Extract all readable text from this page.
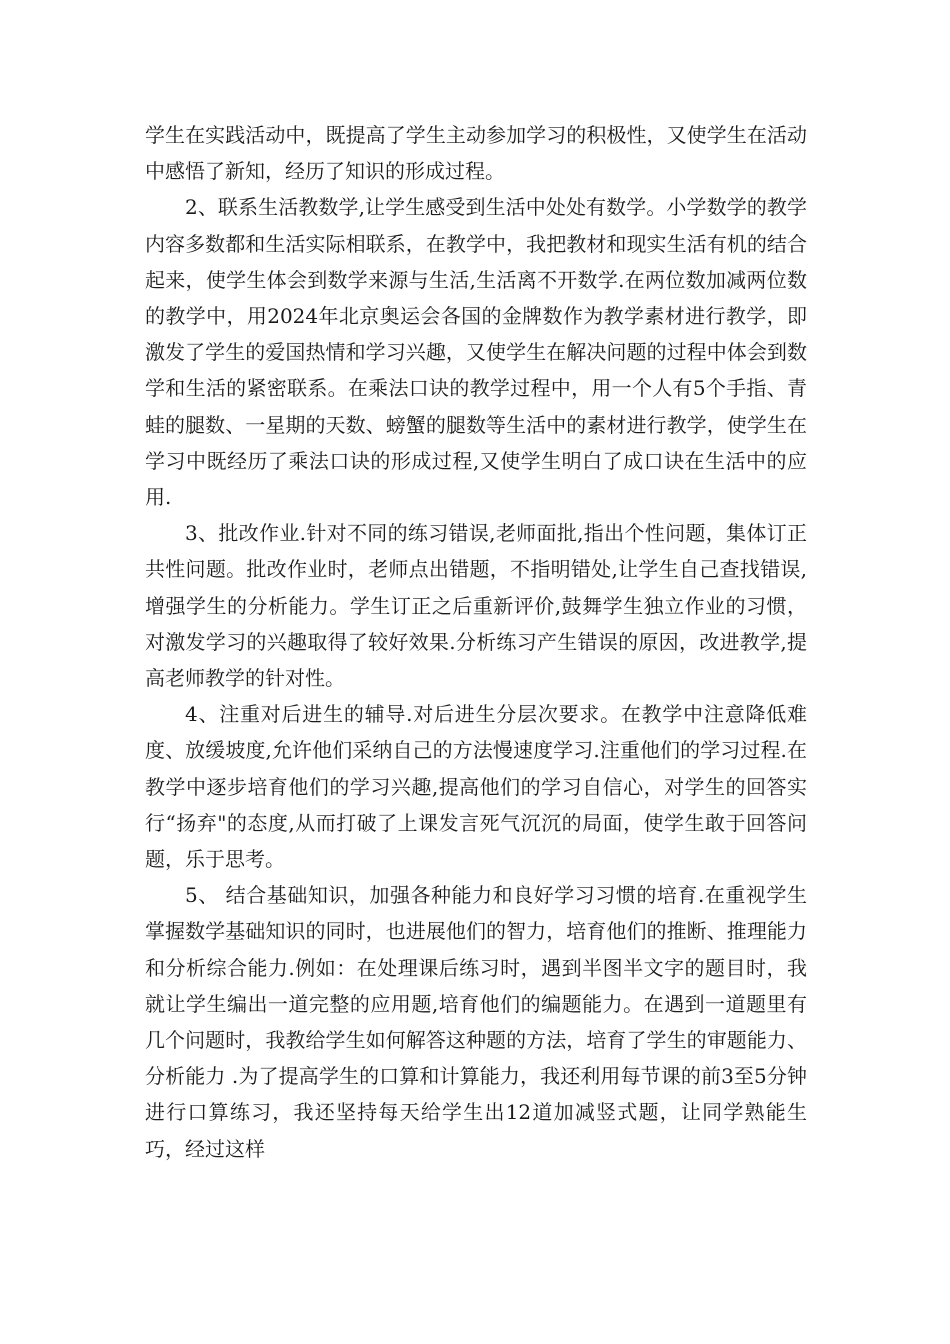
学生在实践活动中，既提高了学生主动参加学习的积极性，又使学生在活动中感悟了新知，经历了知识的形成过程。

2、联系生活教数学,让学生感受到生活中处处有数学。小学数学的教学内容多数都和生活实际相联系，在教学中，我把教材和现实生活有机的结合起来，使学生体会到数学来源与生活,生活离不开数学.在两位数加减两位数的教学中，用2024年北京奥运会各国的金牌数作为教学素材进行教学，即激发了学生的爱国热情和学习兴趣，又使学生在解决问题的过程中体会到数学和生活的紧密联系。在乘法口诀的教学过程中，用一个人有5个手指、青蛙的腿数、一星期的天数、螃蟹的腿数等生活中的素材进行教学，使学生在学习中既经历了乘法口诀的形成过程,又使学生明白了成口诀在生活中的应用.

3、批改作业.针对不同的练习错误,老师面批,指出个性问题，集体订正共性问题。批改作业时，老师点出错题，不指明错处,让学生自己查找错误,增强学生的分析能力。学生订正之后重新评价,鼓舞学生独立作业的习惯，对激发学习的兴趣取得了较好效果.分析练习产生错误的原因，改进教学,提高老师教学的针对性。

4、注重对后进生的辅导.对后进生分层次要求。在教学中注意降低难度、放缓坡度,允许他们采纳自己的方法慢速度学习.注重他们的学习过程.在教学中逐步培育他们的学习兴趣,提高他们的学习自信心，对学生的回答实行“扬弃"的态度,从而打破了上课发言死气沉沉的局面，使学生敢于回答问题，乐于思考。

5、 结合基础知识，加强各种能力和良好学习习惯的培育.在重视学生掌握数学基础知识的同时，也进展他们的智力，培育他们的推断、推理能力和分析综合能力.例如：在处理课后练习时，遇到半图半文字的题目时，我就让学生编出一道完整的应用题,培育他们的编题能力。在遇到一道题里有几个问题时，我教给学生如何解答这种题的方法，培育了学生的审题能力、分析能力 .为了提高学生的口算和计算能力，我还利用每节课的前3至5分钟进行口算练习，我还坚持每天给学生出12道加减竖式题，让同学熟能生巧，经过这样
